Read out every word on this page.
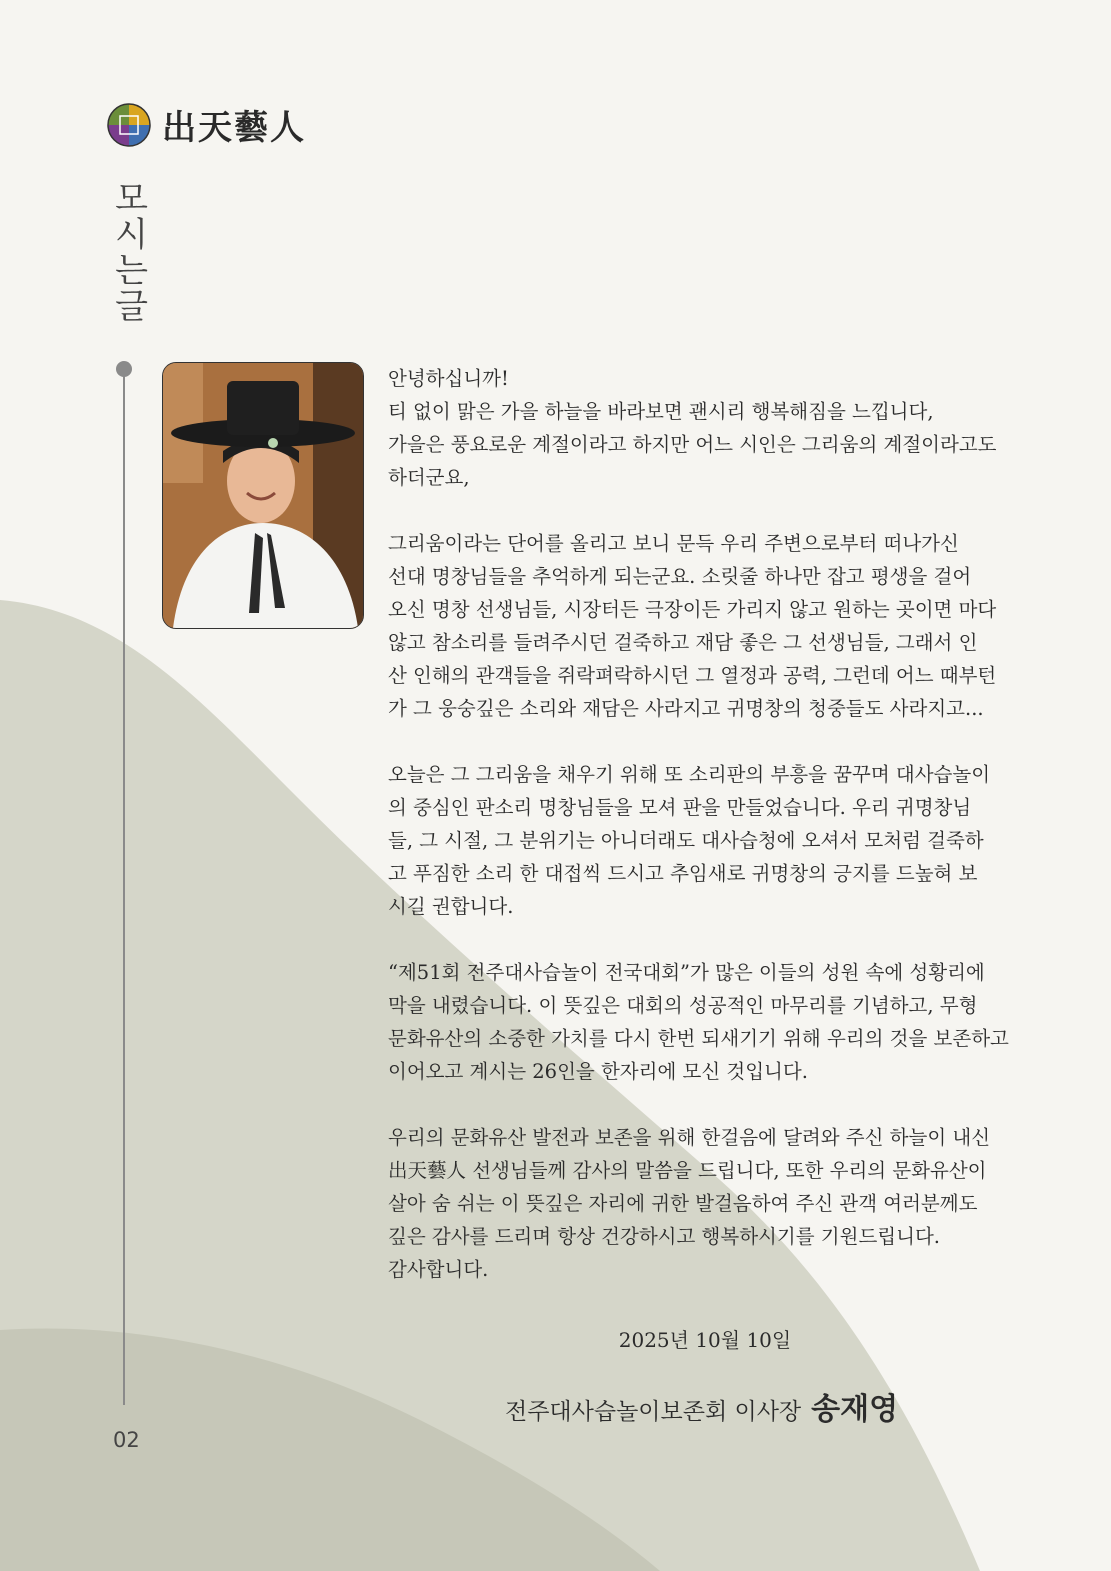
出天藝人
모시는글

안녕하십니까!
티 없이 맑은 가을 하늘을 바라보면 괜시리 행복해짐을 느낍니다,
가을은 풍요로운 계절이라고 하지만 어느 시인은 그리움의 계절이라고도
하더군요,

그리움이라는 단어를 올리고 보니 문득 우리 주변으로부터 떠나가신
선대 명창님들을 추억하게 되는군요. 소릿줄 하나만 잡고 평생을 걸어
오신 명창 선생님들, 시장터든 극장이든 가리지 않고 원하는 곳이면 마다
않고 참소리를 들려주시던 걸죽하고 재담 좋은 그 선생님들, 그래서 인
산 인해의 관객들을 쥐락펴락하시던 그 열정과 공력, 그런데 어느 때부턴
가 그 웅숭깊은 소리와 재담은 사라지고 귀명창의 청중들도 사라지고...

오늘은 그 그리움을 채우기 위해 또 소리판의 부흥을 꿈꾸며 대사습놀이
의 중심인 판소리 명창님들을 모셔 판을 만들었습니다. 우리 귀명창님
들, 그 시절, 그 분위기는 아니더래도 대사습청에 오셔서 모처럼 걸죽하
고 푸짐한 소리 한 대접씩 드시고 추임새로 귀명창의 긍지를 드높혀 보
시길 권합니다.

“제51회 전주대사습놀이 전국대회”가 많은 이들의 성원 속에 성황리에
막을 내렸습니다. 이 뜻깊은 대회의 성공적인 마무리를 기념하고, 무형
문화유산의 소중한 가치를 다시 한번 되새기기 위해 우리의 것을 보존하고
이어오고 계시는 26인을 한자리에 모신 것입니다.

우리의 문화유산 발전과 보존을 위해 한걸음에 달려와 주신 하늘이 내신
出天藝人 선생님들께 감사의 말씀을 드립니다, 또한 우리의 문화유산이
살아 숨 쉬는 이 뜻깊은 자리에 귀한 발걸음하여 주신 관객 여러분께도
깊은 감사를 드리며 항상 건강하시고 행복하시기를 기원드립니다.
감사합니다.

2025년 10월 10일
전주대사습놀이보존회 이사장 송재영
02
